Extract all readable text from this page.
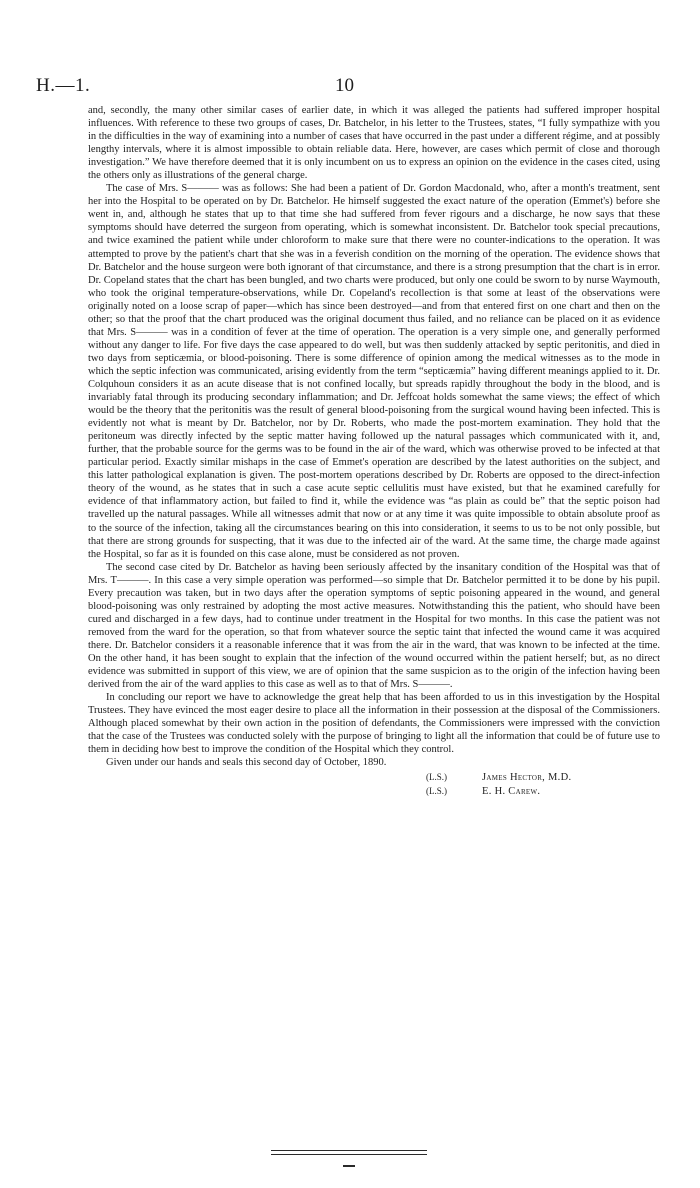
H.—1.	10

and, secondly, the many other similar cases of earlier date, in which it was alleged the patients had suffered improper hospital influences. With reference to these two groups of cases, Dr. Batchelor, in his letter to the Trustees, states, “I fully sympathize with you in the difficulties in the way of examining into a number of cases that have occurred in the past under a different régime, and at possibly lengthy intervals, where it is almost impossible to obtain reliable data. Here, however, are cases which permit of close and thorough investigation.” We have therefore deemed that it is only incumbent on us to express an opinion on the evidence in the cases cited, using the others only as illustrations of the general charge.

The case of Mrs. S——— was as follows: She had been a patient of Dr. Gordon Macdonald, who, after a month's treatment, sent her into the Hospital to be operated on by Dr. Batchelor. He himself suggested the exact nature of the operation (Emmet's) before she went in, and, although he states that up to that time she had suffered from fever rigours and a discharge, he now says that these symptoms should have deterred the surgeon from operating, which is somewhat inconsistent. Dr. Batchelor took special precautions, and twice examined the patient while under chloroform to make sure that there were no counter-indications to the operation. It was attempted to prove by the patient's chart that she was in a feverish condition on the morning of the operation. The evidence shows that Dr. Batchelor and the house surgeon were both ignorant of that circumstance, and there is a strong presumption that the chart is in error. Dr. Copeland states that the chart has been bungled, and two charts were produced, but only one could be sworn to by nurse Waymouth, who took the original temperature-observations, while Dr. Copeland's recollection is that some at least of the observations were originally noted on a loose scrap of paper—which has since been destroyed—and from that entered first on one chart and then on the other; so that the proof that the chart produced was the original document thus failed, and no reliance can be placed on it as evidence that Mrs. S——— was in a condition of fever at the time of operation. The operation is a very simple one, and generally performed without any danger to life. For five days the case appeared to do well, but was then suddenly attacked by septic peritonitis, and died in two days from septicæmia, or blood-poisoning. There is some difference of opinion among the medical witnesses as to the mode in which the septic infection was communicated, arising evidently from the term “septicæmia” having different meanings applied to it. Dr. Colquhoun considers it as an acute disease that is not confined locally, but spreads rapidly throughout the body in the blood, and is invariably fatal through its producing secondary inflammation; and Dr. Jeffcoat holds somewhat the same views; the effect of which would be the theory that the peritonitis was the result of general blood-poisoning from the surgical wound having been infected. This is evidently not what is meant by Dr. Batchelor, nor by Dr. Roberts, who made the post-mortem examination. They hold that the peritoneum was directly infected by the septic matter having followed up the natural passages which communicated with it, and, further, that the probable source for the germs was to be found in the air of the ward, which was otherwise proved to be infected at that particular period. Exactly similar mishaps in the case of Emmet's operation are described by the latest authorities on the subject, and this latter pathological explanation is given. The post-mortem operations described by Dr. Roberts are opposed to the direct-infection theory of the wound, as he states that in such a case acute septic cellulitis must have existed, but that he examined carefully for evidence of that inflammatory action, but failed to find it, while the evidence was “as plain as could be” that the septic poison had travelled up the natural passages. While all witnesses admit that now or at any time it was quite impossible to obtain absolute proof as to the source of the infection, taking all the circumstances bearing on this into consideration, it seems to us to be not only possible, but that there are strong grounds for suspecting, that it was due to the infected air of the ward. At the same time, the charge made against the Hospital, so far as it is founded on this case alone, must be considered as not proven.

The second case cited by Dr. Batchelor as having been seriously affected by the insanitary condition of the Hospital was that of Mrs. T———. In this case a very simple operation was performed—so simple that Dr. Batchelor permitted it to be done by his pupil. Every precaution was taken, but in two days after the operation symptoms of septic poisoning appeared in the wound, and general blood-poisoning was only restrained by adopting the most active measures. Notwithstanding this the patient, who should have been cured and discharged in a few days, had to continue under treatment in the Hospital for two months. In this case the patient was not removed from the ward for the operation, so that from whatever source the septic taint that infected the wound came it was acquired there. Dr. Batchelor considers it a reasonable inference that it was from the air in the ward, that was known to be infected at the time. On the other hand, it has been sought to explain that the infection of the wound occurred within the patient herself; but, as no direct evidence was submitted in support of this view, we are of opinion that the same suspicion as to the origin of the infection having been derived from the air of the ward applies to this case as well as to that of Mrs. S———.

In concluding our report we have to acknowledge the great help that has been afforded to us in this investigation by the Hospital Trustees. They have evinced the most eager desire to place all the information in their possession at the disposal of the Commissioners. Although placed somewhat by their own action in the position of defendants, the Commissioners were impressed with the conviction that the case of the Trustees was conducted solely with the purpose of bringing to light all the information that could be of future use to them in deciding how best to improve the condition of the Hospital which they control.

Given under our hands and seals this second day of October, 1890.

(L.S.)	James Hector, M.D.
(L.S.)	E. H. Carew.
